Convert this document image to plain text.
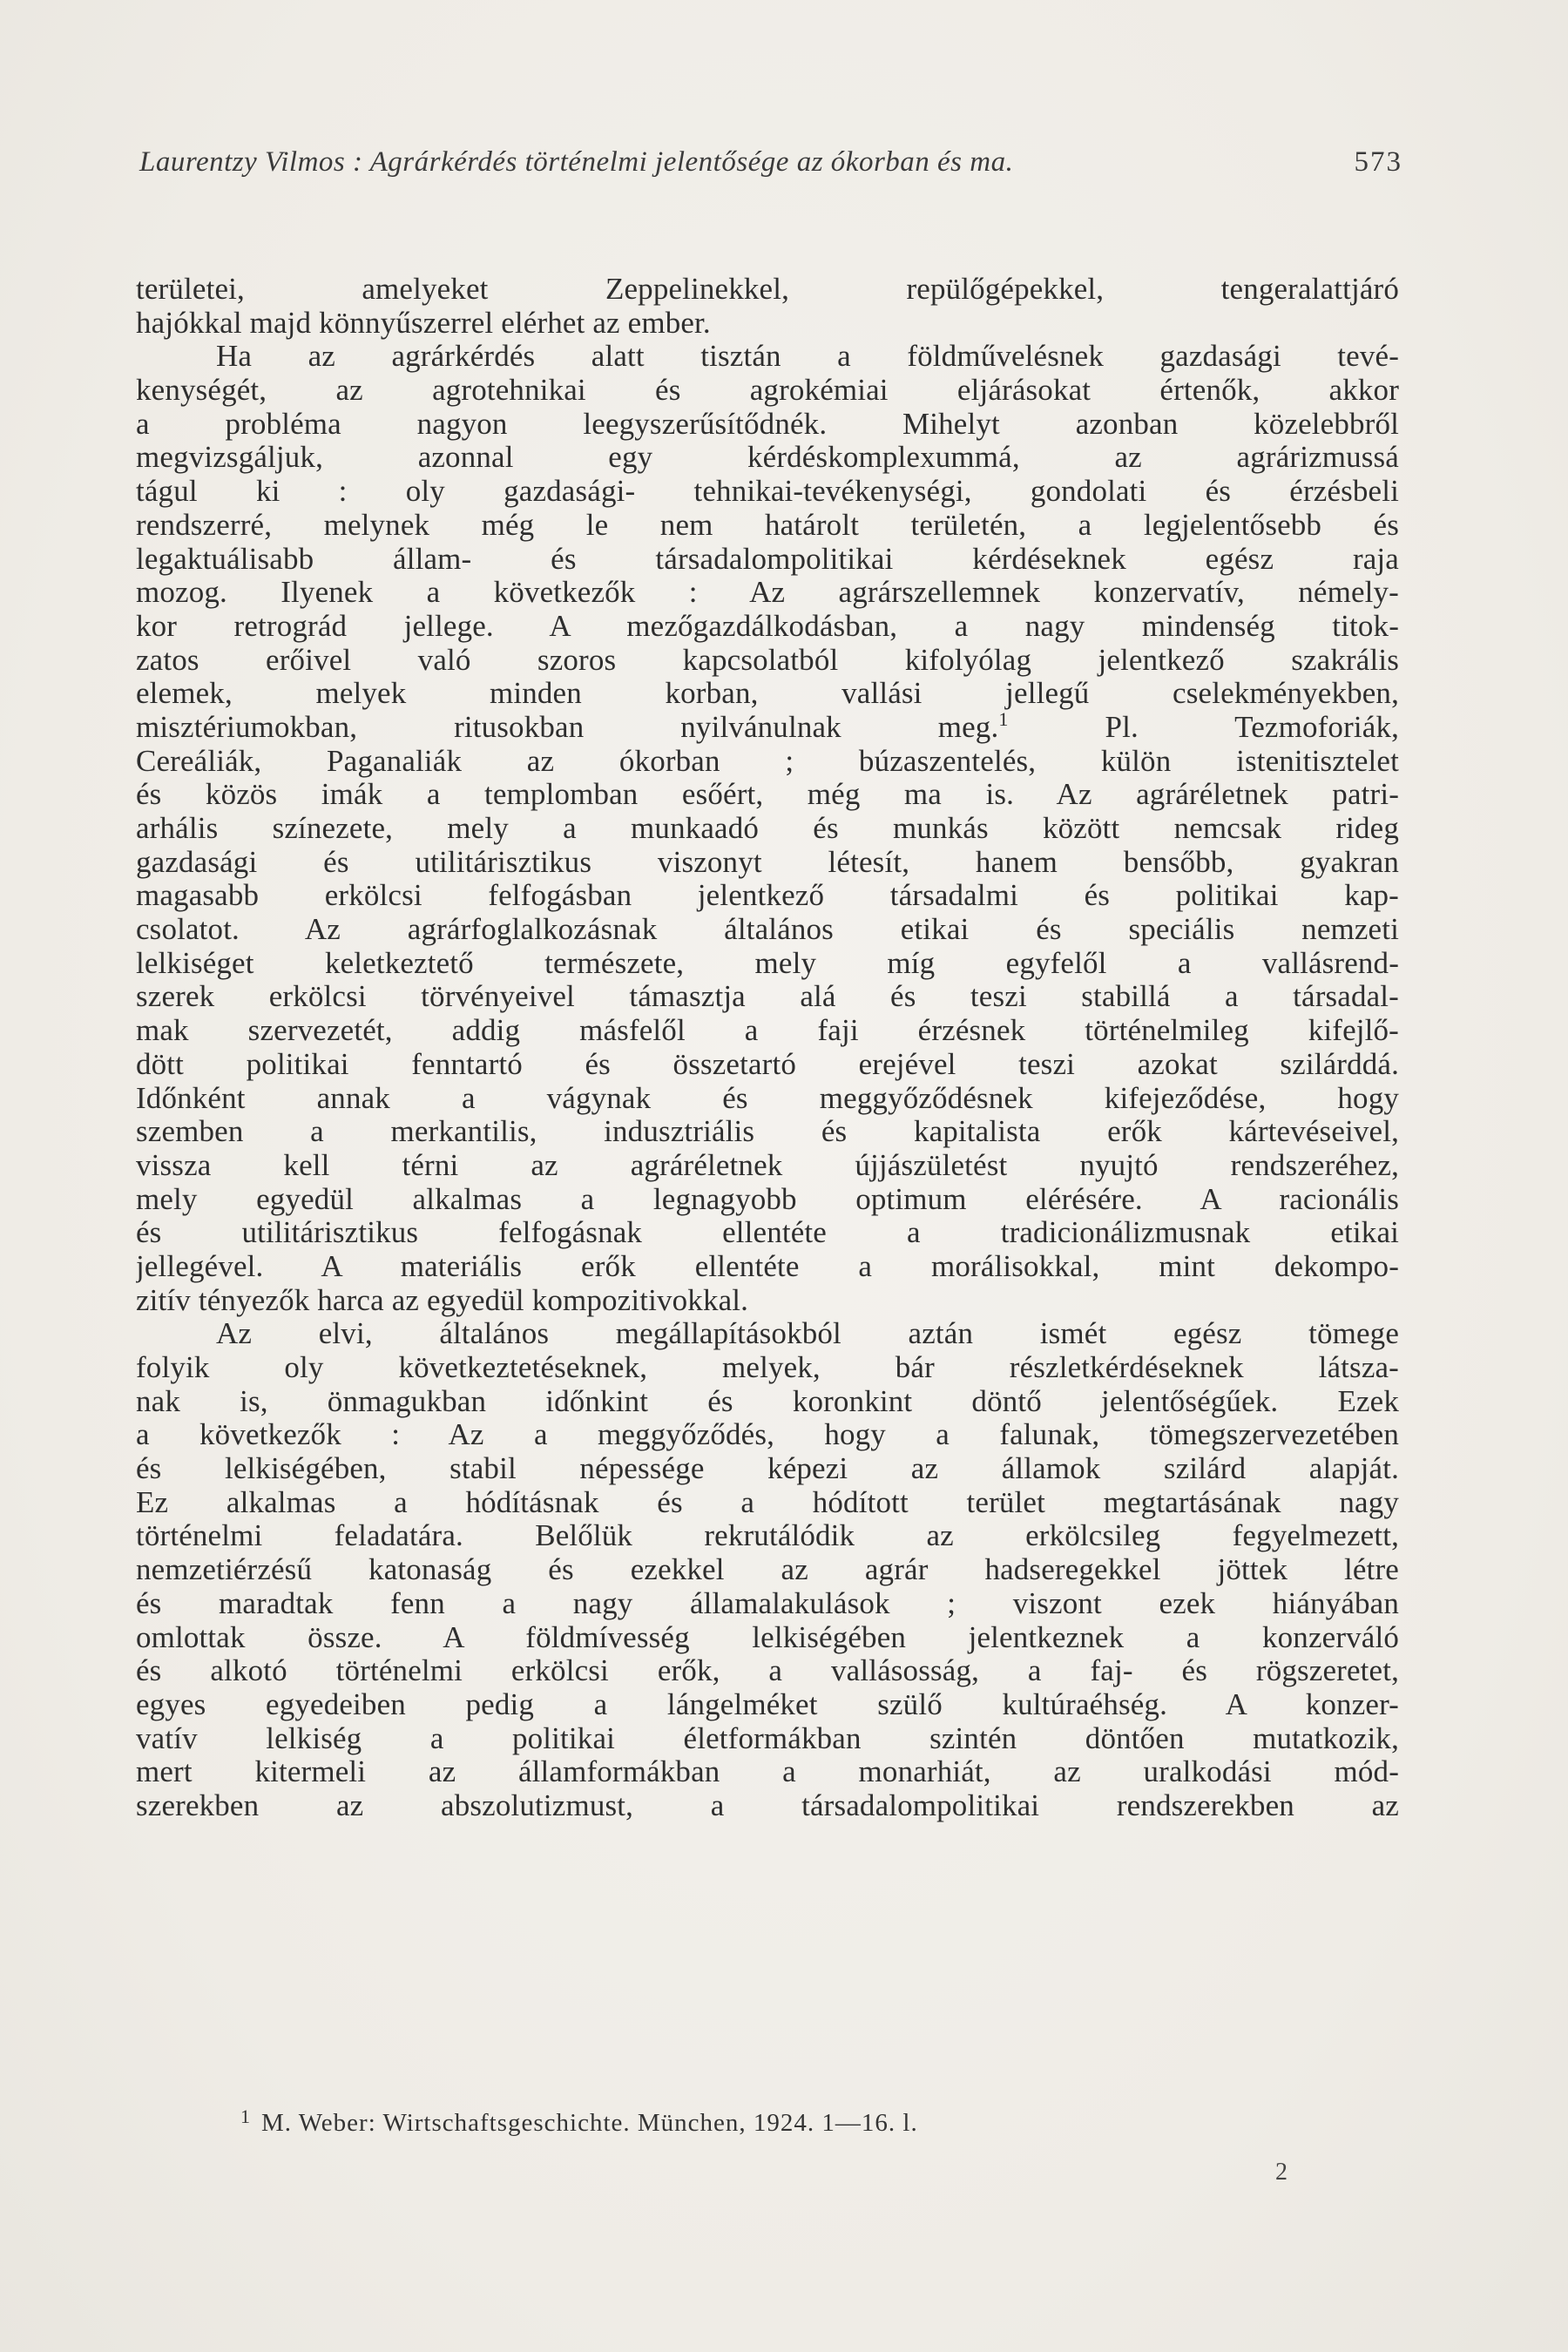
Laurentzy Vilmos : Agrárkérdés történelmi jelentősége az ókorban és ma.	573
területei, amelyeket Zeppelinekkel, repülőgépekkel, tengeralattjáró
hajókkal majd könnyűszerrel elérhet az ember.
Ha az agrárkérdés alatt tisztán a földművelésnek gazdasági tevé-
kenységét, az agrotehnikai és agrokémiai eljárásokat értenők, akkor
a probléma nagyon leegyszerűsítődnék. Mihelyt azonban közelebbről
megvizsgáljuk, azonnal egy kérdéskomplexummá, az agrárizmussá
tágul ki : oly gazdasági- tehnikai-tevékenységi, gondolati és érzésbeli
rendszerré, melynek még le nem határolt területén, a legjelentősebb és
legaktuálisabb állam- és társadalompolitikai kérdéseknek egész raja
mozog. Ilyenek a következők : Az agrárszellemnek konzervatív, némely-
kor retrográd jellege. A mezőgazdálkodásban, a nagy mindenség titok-
zatos erőivel való szoros kapcsolatból kifolyólag jelentkező szakrális
elemek, melyek minden korban, vallási jellegű cselekményekben,
misztériumokban, ritusokban nyilvánulnak meg.$^1$	Pl. Tezmoforiák,
Cereáliák, Paganaliák az ókorban ; búzaszentelés, külön istenitisztelet
és közös imák a templomban esőért, még ma is. Az agráréletnek patri-
arhális színezete, mely a munkaadó és munkás között nemcsak rideg
gazdasági és utilitárisztikus viszonyt létesít, hanem bensőbb, gyakran
magasabb erkölcsi felfogásban jelentkező társadalmi és politikai kap-
csolatot. Az agrárfoglalkozásnak általános etikai és speciális nemzeti
lelkiséget keletkeztető természete, mely míg egyfelől a vallásrend-
szerek erkölcsi törvényeivel támasztja alá és teszi stabillá a társadal-
mak szervezetét, addig másfelől a faji érzésnek történelmileg kifejlő-
dött politikai fenntartó és összetartó erejével teszi azokat szilárddá.
Időnként annak a vágynak és meggyőződésnek kifejeződése, hogy
szemben a merkantilis, indusztriális és kapitalista erők kártevéseivel,
vissza kell térni az agráréletnek újjászületést nyujtó rendszeréhez,
mely egyedül alkalmas a legnagyobb optimum elérésére. A racionális
és utilitárisztikus felfogásnak ellentéte a tradicionálizmusnak etikai
jellegével. A materiális erők ellentéte a morálisokkal, mint dekompo-
zitív tényezők harca az egyedül kompozitivokkal.
Az elvi, általános megállapításokból aztán ismét egész tömege
folyik oly következtetéseknek, melyek, bár részletkérdéseknek látsza-
nak is, önmagukban időnkint és koronkint döntő jelentőségűek. Ezek
a következők : Az a meggyőződés, hogy a falunak, tömegszervezetében
és lelkiségében, stabil népessége képezi az államok szilárd alapját.
Ez alkalmas a hódításnak és a hódított terület megtartásának nagy
történelmi feladatára. Belőlük rekrutálódik az erkölcsileg fegyelmezett,
nemzetiérzésű katonaság és ezekkel az agrár hadseregekkel jöttek létre
és maradtak fenn a nagy államalakulások ; viszont ezek hiányában
omlottak össze. A földmívesség lelkiségében jelentkeznek a konzerváló
és alkotó történelmi erkölcsi erők, a vallásosság, a faj- és rögszeretet,
egyes egyedeiben pedig a lángelméket szülő kultúraéhség. A konzer-
vatív lelkiség a politikai életformákban szintén döntően mutatkozik,
mert kitermeli az államformákban a monarhiát, az uralkodási mód-
szerekben az abszolutizmust, a társadalompolitikai rendszerekben az
$^1$ M. Weber: Wirtschaftsgeschichte. München, 1924. 1—16. l.
2
